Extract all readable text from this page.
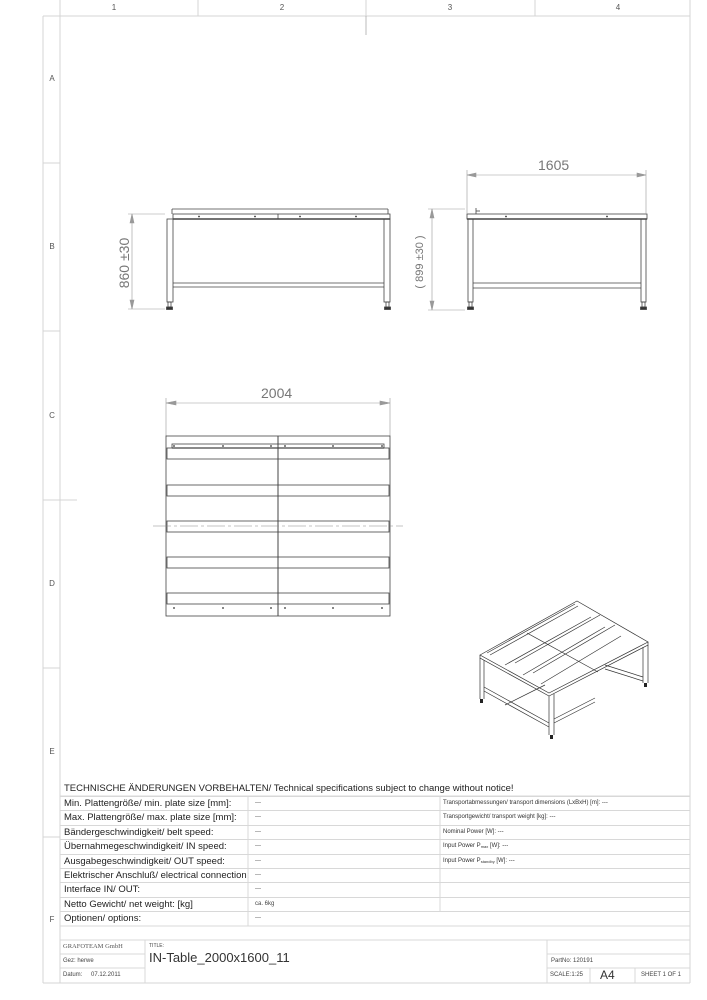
1	2	3	4
A
B
C
D
E
F
860 ±30
1605
( 899 ±30 )
2004
TECHNISCHE ÄNDERUNGEN VORBEHALTEN/ Technical specifications subject to change without notice!
Min. Plattengröße/ min. plate size [mm]:	---	Transportabmessungen/ transport dimensions (LxBxH) [m]: ---
Max. Plattengröße/ max. plate size [mm]:	---	Transportgewicht/ transport weight [kg]: ---
Bändergeschwindigkeit/ belt speed:	---	Nominal Power [W]: ---
Übernahmegeschwindigkeit/ IN speed:	---	Input Power $P_{max}$ [W]: ---
Ausgabegeschwindigkeit/ OUT speed:	---	Input Power $P_{standby}$ [W]: ---
Elektrischer Anschluß/ electrical connection: ---
Interface IN/ OUT:	---
Netto Gewicht/ net weight: [kg]	ca. 6kg
Optionen/ options:	---
GRAFOTEAM GmbH
Gez: herwe
Datum: 07.12.2011
TITLE:
IN-Table_2000x1600_11	PartNo: 120191
SCALE:1:25 A4	SHEET 1 OF 1
